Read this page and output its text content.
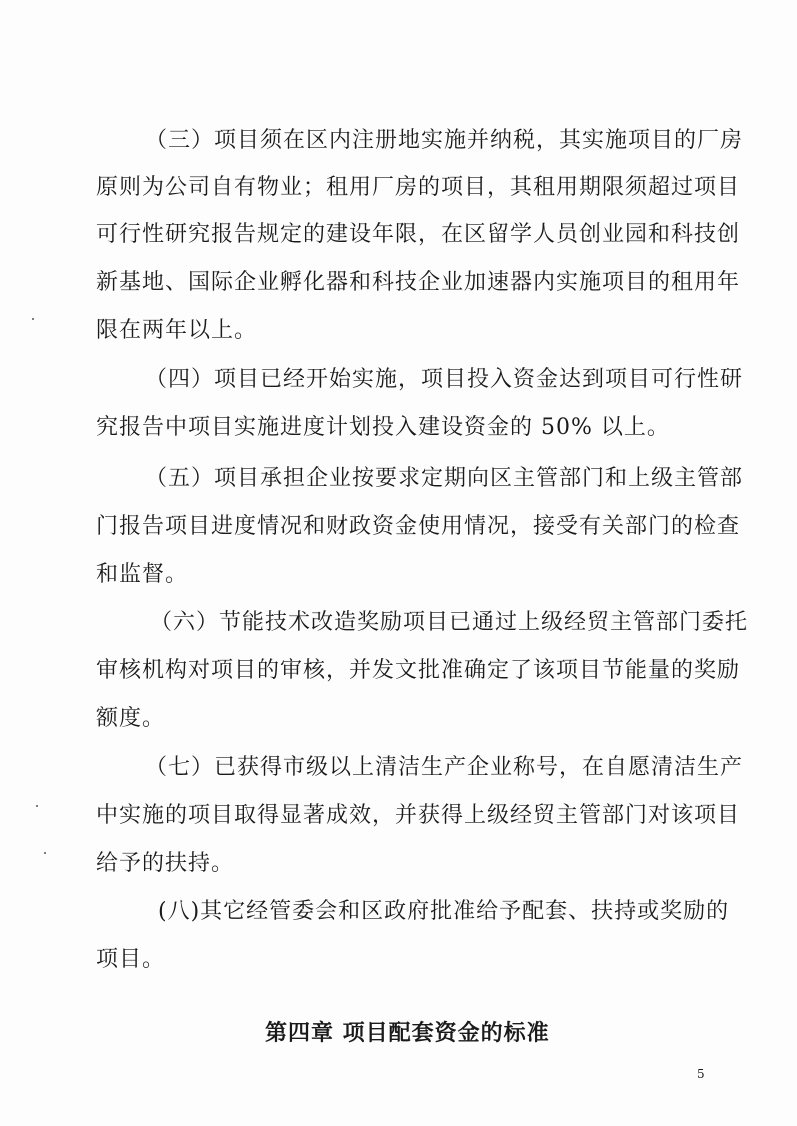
（三）项目须在区内注册地实施并纳税，其实施项目的厂房
原则为公司自有物业；租用厂房的项目，其租用期限须超过项目
可行性研究报告规定的建设年限，在区留学人员创业园和科技创
新基地、国际企业孵化器和科技企业加速器内实施项目的租用年
限在两年以上。
（四）项目已经开始实施，项目投入资金达到项目可行性研
究报告中项目实施进度计划投入建设资金的 50% 以上。
（五）项目承担企业按要求定期向区主管部门和上级主管部
门报告项目进度情况和财政资金使用情况，接受有关部门的检查
和监督。
（六）节能技术改造奖励项目已通过上级经贸主管部门委托
审核机构对项目的审核，并发文批准确定了该项目节能量的奖励
额度。
（七）已获得市级以上清洁生产企业称号，在自愿清洁生产
中实施的项目取得显著成效，并获得上级经贸主管部门对该项目
给予的扶持。
(八)其它经管委会和区政府批准给予配套、扶持或奖励的
项目。
第四章 项目配套资金的标准
5
